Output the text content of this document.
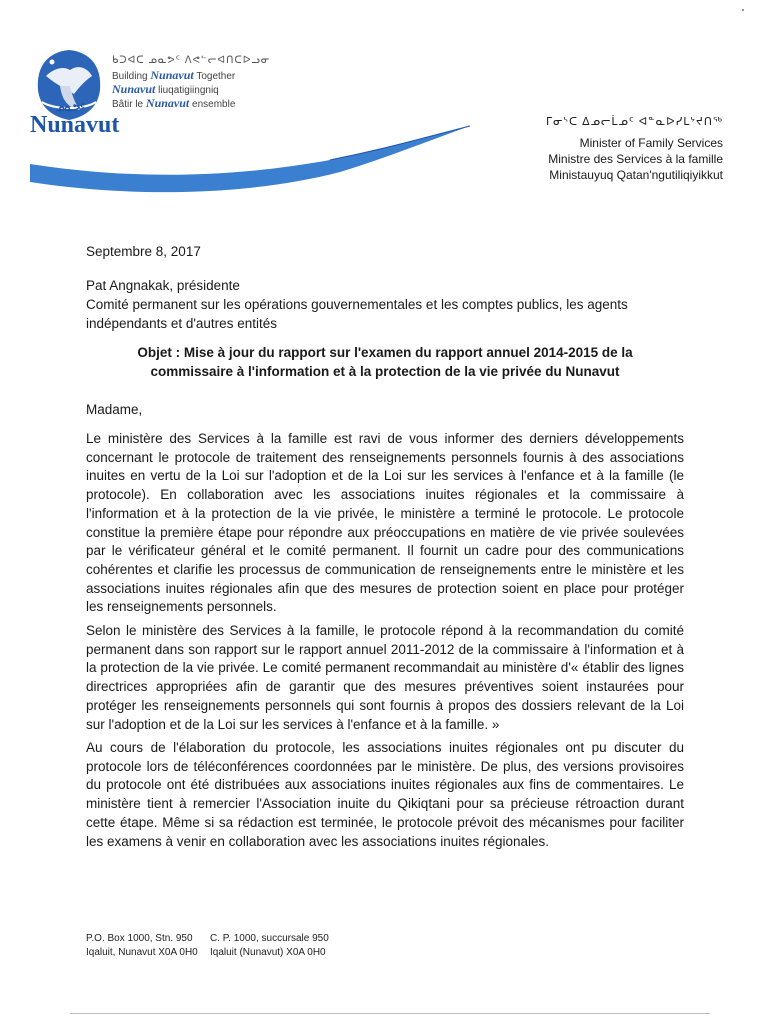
ᓄᓇᕗᑦ
Nunavut
ᑲᑐᐊᑕ ᓄᓇᕗᑦ ᐱᕙᓪᓕᐊᑎᑕᐅᓗᓂ
Building Nunavut Together
Nunavut liuqatigiingniq
Bâtir le Nunavut ensemble
ᒥᓂᔅᑕ ᐃᓄᓕᒫᓄᑦ ᐊᓐᓇᐅᓯᒪᔾᔪᑎᖅ
Minister of Family Services
Ministre des Services à la famille
Ministauyuq Qatan'ngutiliqiyikkut
Septembre 8, 2017
Pat Angnakak, présidente
Comité permanent sur les opérations gouvernementales et les comptes publics, les agents
indépendants et d'autres entités
Objet : Mise à jour du rapport sur l'examen du rapport annuel 2014-2015 de la
commissaire à l'information et à la protection de la vie privée du Nunavut
Madame,
Le ministère des Services à la famille est ravi de vous informer des derniers développements concernant le protocole de traitement des renseignements personnels fournis à des associations inuites en vertu de la Loi sur l'adoption et de la Loi sur les services à l'enfance et à la famille (le protocole). En collaboration avec les associations inuites régionales et la commissaire à l'information et à la protection de la vie privée, le ministère a terminé le protocole. Le protocole constitue la première étape pour répondre aux préoccupations en matière de vie privée soulevées par le vérificateur général et le comité permanent. Il fournit un cadre pour des communications cohérentes et clarifie les processus de communication de renseignements entre le ministère et les associations inuites régionales afin que des mesures de protection soient en place pour protéger les renseignements personnels.
Selon le ministère des Services à la famille, le protocole répond à la recommandation du comité permanent dans son rapport sur le rapport annuel 2011-2012 de la commissaire à l'information et à la protection de la vie privée. Le comité permanent recommandait au ministère d'« établir des lignes directrices appropriées afin de garantir que des mesures préventives soient instaurées pour protéger les renseignements personnels qui sont fournis à propos des dossiers relevant de la Loi sur l'adoption et de la Loi sur les services à l'enfance et à la famille. »
Au cours de l'élaboration du protocole, les associations inuites régionales ont pu discuter du protocole lors de téléconférences coordonnées par le ministère. De plus, des versions provisoires du protocole ont été distribuées aux associations inuites régionales aux fins de commentaires. Le ministère tient à remercier l'Association inuite du Qikiqtani pour sa précieuse rétroaction durant cette étape. Même si sa rédaction est terminée, le protocole prévoit des mécanismes pour faciliter les examens à venir en collaboration avec les associations inuites régionales.
P.O. Box 1000, Stn. 950
Iqaluit, Nunavut X0A 0H0
C. P. 1000, succursale 950
Iqaluit (Nunavut) X0A 0H0
